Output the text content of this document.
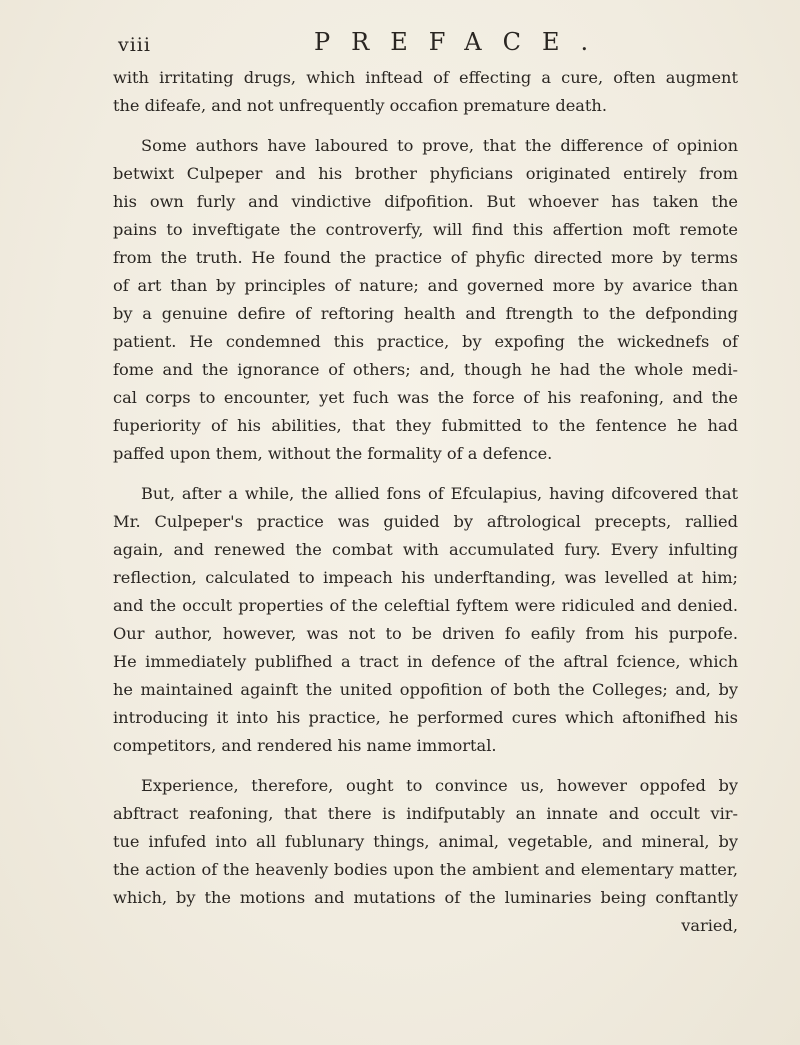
viii	PREFACE.
with irritating drugs, which inftead of effecting a cure, often augment
the difeafe, and not unfrequently occafion premature death.
Some authors have laboured to prove, that the difference of opinion
betwixt Culpeper and his brother phyficians originated entirely from
his own furly and vindictive difpofition. But whoever has taken the
pains to inveftigate the controverfy, will find this affertion moft remote
from the truth. He found the practice of phyfic directed more by terms
of art than by principles of nature; and governed more by avarice than
by a genuine defire of reftoring health and ftrength to the defponding
patient. He condemned this practice, by expofing the wickednefs of
fome and the ignorance of others; and, though he had the whole medi-
cal corps to encounter, yet fuch was the force of his reafoning, and the
fuperiority of his abilities, that they fubmitted to the fentence he had
paffed upon them, without the formality of a defence.
But, after a while, the allied fons of Efculapius, having difcovered that
Mr. Culpeper's practice was guided by aftrological precepts, rallied
again, and renewed the combat with accumulated fury. Every infulting
reflection, calculated to impeach his underftanding, was levelled at him;
and the occult properties of the celeftial fyftem were ridiculed and denied.
Our author, however, was not to be driven fo eafily from his purpofe.
He immediately publifhed a tract in defence of the aftral fcience, which
he maintained againft the united oppofition of both the Colleges; and, by
introducing it into his practice, he performed cures which aftonifhed his
competitors, and rendered his name immortal.
Experience, therefore, ought to convince us, however oppofed by
abftract reafoning, that there is indifputably an innate and occult vir-
tue infufed into all fublunary things, animal, vegetable, and mineral, by
the action of the heavenly bodies upon the ambient and elementary matter,
which, by the motions and mutations of the luminaries being conftantly
varied,
